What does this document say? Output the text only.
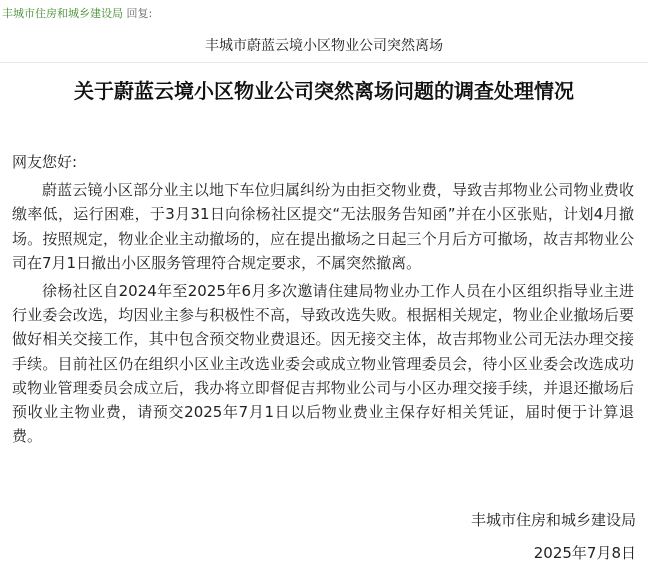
丰城市住房和城乡建设局 回复:
丰城市蔚蓝云境小区物业公司突然离场
关于蔚蓝云境小区物业公司突然离场问题的调查处理情况

网友您好:

蔚蓝云镜小区部分业主以地下车位归属纠纷为由拒交物业费，导致吉邦物业公司物业费收缴率低，运行困难，于3月31日向徐杨社区提交“无法服务告知函”并在小区张贴，计划4月撤场。按照规定，物业企业主动撤场的，应在提出撤场之日起三个月后方可撤场，故吉邦物业公司在7月1日撤出小区服务管理符合规定要求，不属突然撤离。

徐杨社区自2024年至2025年6月多次邀请住建局物业办工作人员在小区组织指导业主进行业委会改选，均因业主参与积极性不高，导致改选失败。根据相关规定，物业企业撤场后要做好相关交接工作，其中包含预交物业费退还。因无接交主体，故吉邦物业公司无法办理交接手续。目前社区仍在组织小区业主改选业委会或成立物业管理委员会，待小区业委会改选成功或物业管理委员会成立后，我办将立即督促吉邦物业公司与小区办理交接手续，并退还撤场后预收业主物业费，请预交2025年7月1日以后物业费业主保存好相关凭证，届时便于计算退费。

丰城市住房和城乡建设局
2025年7月8日
